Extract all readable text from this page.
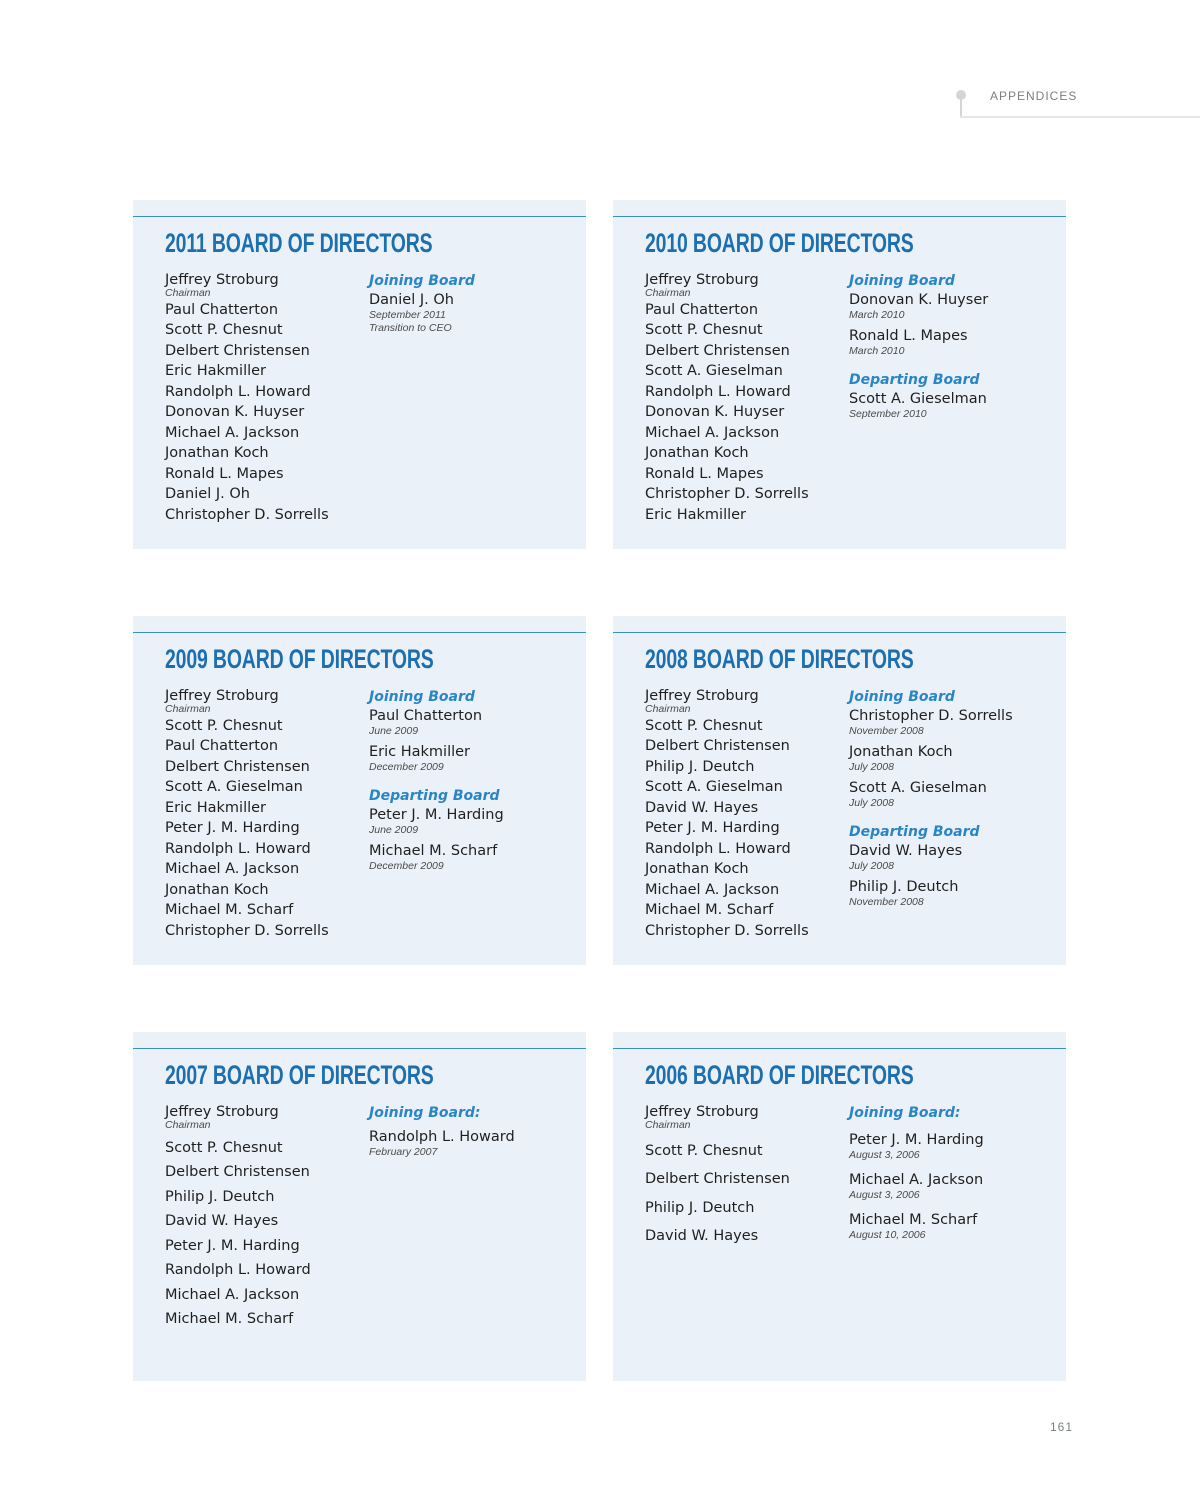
APPENDICES
2011 BOARD OF DIRECTORS
Jeffrey Stroburg
Chairman
Paul Chatterton
Scott P. Chesnut
Delbert Christensen
Eric Hakmiller
Randolph L. Howard
Donovan K. Huyser
Michael A. Jackson
Jonathan Koch
Ronald L. Mapes
Daniel J. Oh
Christopher D. Sorrells
Joining Board
Daniel J. Oh
September 2011
Transition to CEO
2010 BOARD OF DIRECTORS
Jeffrey Stroburg
Chairman
Paul Chatterton
Scott P. Chesnut
Delbert Christensen
Scott A. Gieselman
Randolph L. Howard
Donovan K. Huyser
Michael A. Jackson
Jonathan Koch
Ronald L. Mapes
Christopher D. Sorrells
Eric Hakmiller
Joining Board
Donovan K. Huyser
March 2010
Ronald L. Mapes
March 2010
Departing Board
Scott A. Gieselman
September 2010
2009 BOARD OF DIRECTORS
Jeffrey Stroburg
Chairman
Scott P. Chesnut
Paul Chatterton
Delbert Christensen
Scott A. Gieselman
Eric Hakmiller
Peter J. M. Harding
Randolph L. Howard
Michael A. Jackson
Jonathan Koch
Michael M. Scharf
Christopher D. Sorrells
Joining Board
Paul Chatterton
June 2009
Eric Hakmiller
December 2009
Departing Board
Peter J. M. Harding
June 2009
Michael M. Scharf
December 2009
2008 BOARD OF DIRECTORS
Jeffrey Stroburg
Chairman
Scott P. Chesnut
Delbert Christensen
Philip J. Deutch
Scott A. Gieselman
David W. Hayes
Peter J. M. Harding
Randolph L. Howard
Jonathan Koch
Michael A. Jackson
Michael M. Scharf
Christopher D. Sorrells
Joining Board
Christopher D. Sorrells
November 2008
Jonathan Koch
July 2008
Scott A. Gieselman
July 2008
Departing Board
David W. Hayes
July 2008
Philip J. Deutch
November 2008
2007 BOARD OF DIRECTORS
Jeffrey Stroburg
Chairman
Scott P. Chesnut
Delbert Christensen
Philip J. Deutch
David W. Hayes
Peter J. M. Harding
Randolph L. Howard
Michael A. Jackson
Michael M. Scharf
Joining Board:
Randolph L. Howard
February 2007
2006 BOARD OF DIRECTORS
Jeffrey Stroburg
Chairman
Scott P. Chesnut
Delbert Christensen
Philip J. Deutch
David W. Hayes
Joining Board:
Peter J. M. Harding
August 3, 2006
Michael A. Jackson
August 3, 2006
Michael M. Scharf
August 10, 2006
161
